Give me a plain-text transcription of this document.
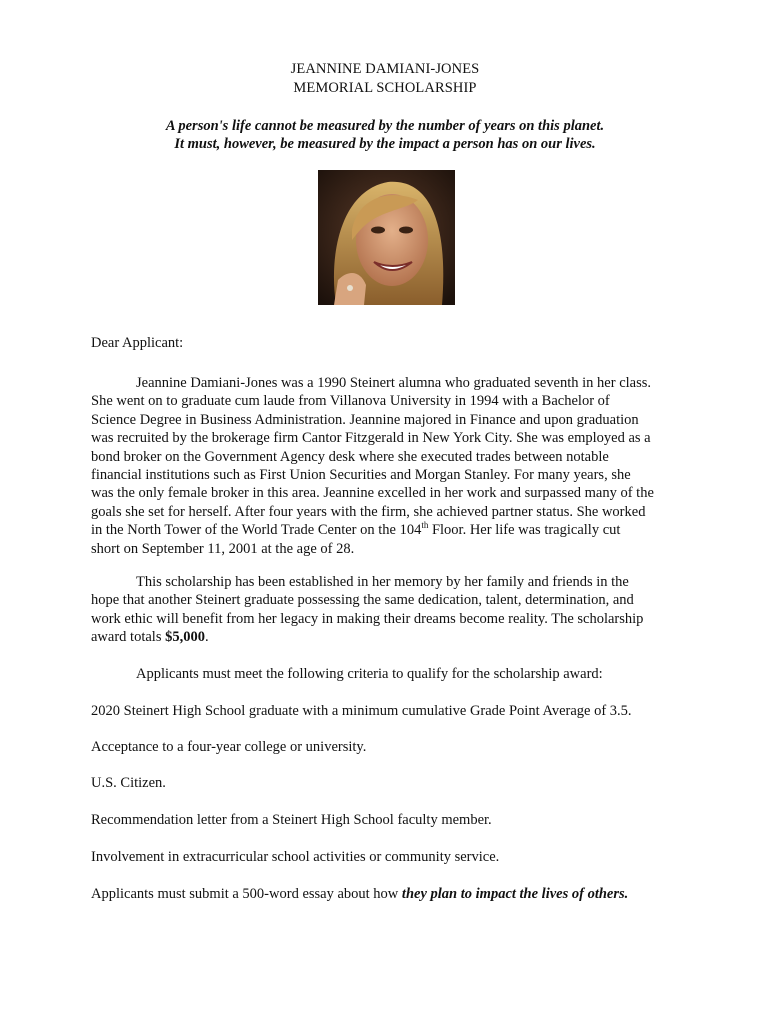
JEANNINE DAMIANI-JONES
MEMORIAL SCHOLARSHIP
A person's life cannot be measured by the number of years on this planet.
It must, however, be measured by the impact a person has on our lives.
Dear Applicant:
Jeannine Damiani-Jones was a 1990 Steinert alumna who graduated seventh in her class.
She went on to graduate cum laude from Villanova University in 1994 with a Bachelor of
Science Degree in Business Administration. Jeannine majored in Finance and upon graduation
was recruited by the brokerage firm Cantor Fitzgerald in New York City. She was employed as a
bond broker on the Government Agency desk where she executed trades between notable
financial institutions such as First Union Securities and Morgan Stanley. For many years, she
was the only female broker in this area. Jeannine excelled in her work and surpassed many of the
goals she set for herself. After four years with the firm, she achieved partner status. She worked
in the North Tower of the World Trade Center on the 104th Floor. Her life was tragically cut
short on September 11, 2001 at the age of 28.
This scholarship has been established in her memory by her family and friends in the
hope that another Steinert graduate possessing the same dedication, talent, determination, and
work ethic will benefit from her legacy in making their dreams become reality. The scholarship
award totals $5,000.
Applicants must meet the following criteria to qualify for the scholarship award:
2020 Steinert High School graduate with a minimum cumulative Grade Point Average of 3.5.
Acceptance to a four-year college or university.
U.S. Citizen.
Recommendation letter from a Steinert High School faculty member.
Involvement in extracurricular school activities or community service.
Applicants must submit a 500-word essay about how they plan to impact the lives of others.
